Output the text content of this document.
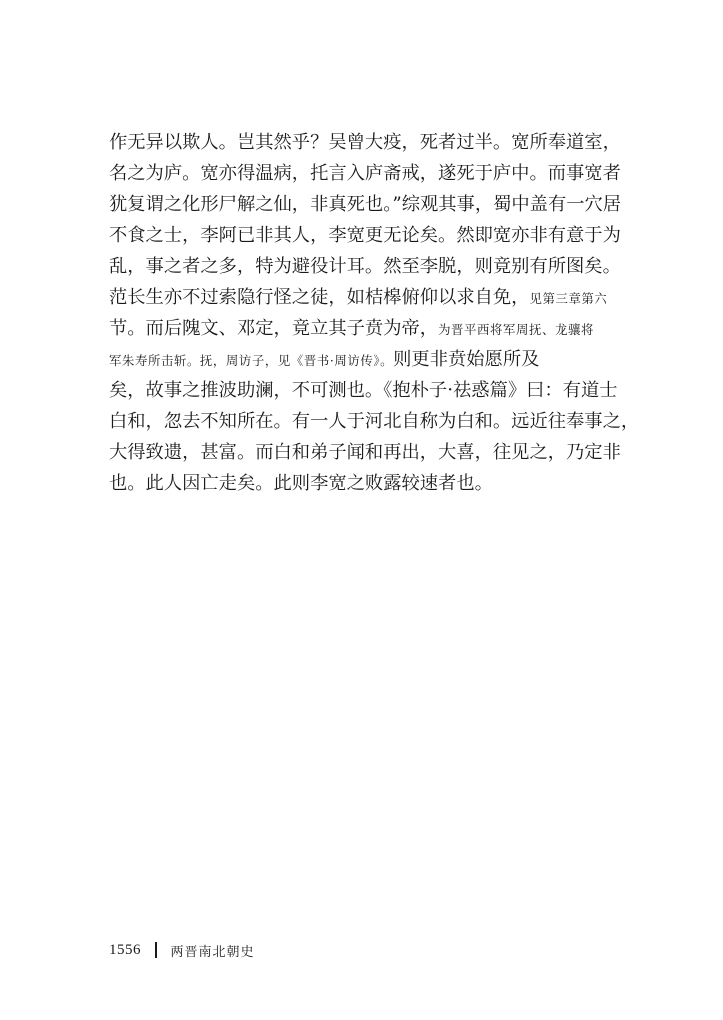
作无异以欺人。岂其然乎？吴曾大疫，死者过半。宽所奉道室，
名之为庐。宽亦得温病，托言入庐斋戒，遂死于庐中。而事宽者
犹复谓之化形尸解之仙，非真死也。”综观其事，蜀中盖有一穴居
不食之士，李阿已非其人，李宽更无论矣。然即宽亦非有意于为
乱，事之者之多，特为避役计耳。然至李脱，则竟别有所图矣。
范长生亦不过索隐行怪之徒，如桔槔俯仰以求自免，见第三章第六
节。而后隗文、邓定，竟立其子贲为帝，为晋平西将军周抚、龙骧将
军朱寿所击斩。抚，周访子，见《晋书·周访传》。则更非贲始愿所及
矣，故事之推波助澜，不可测也。《抱朴子·祛惑篇》曰：有道士
白和，忽去不知所在。有一人于河北自称为白和。远近往奉事之，
大得致遗，甚富。而白和弟子闻和再出，大喜，往见之，乃定非
也。此人因亡走矣。此则李宽之败露较速者也。
1556 两晋南北朝史
